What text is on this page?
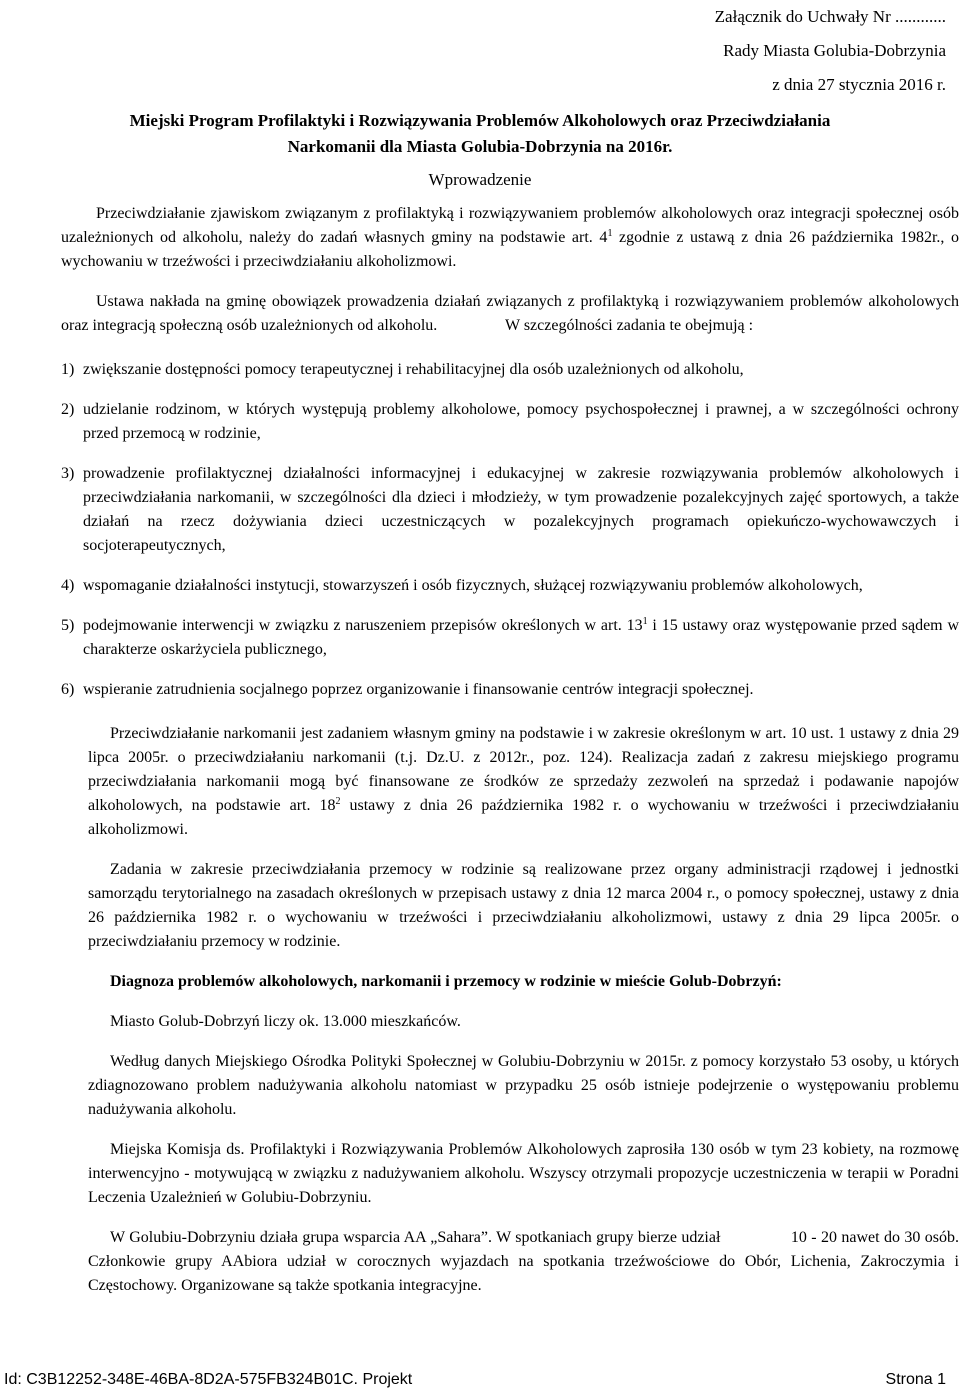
Załącznik do Uchwały Nr ............
Rady Miasta Golubia-Dobrzynia
z dnia 27 stycznia 2016 r.
Miejski Program Profilaktyki i Rozwiązywania Problemów Alkoholowych oraz Przeciwdziałania
Narkomanii dla Miasta Golubia-Dobrzynia na 2016r.
Wprowadzenie

Przeciwdziałanie zjawiskom związanym z profilaktyką i rozwiązywaniem problemów alkoholowych oraz integracji społecznej osób uzależnionych od alkoholu, należy do zadań własnych gminy na podstawie art. $4^1$ zgodnie z ustawą z dnia 26 października 1982r., o wychowaniu w trzeźwości i przeciwdziałaniu alkoholizmowi.

Ustawa nakłada na gminę obowiązek prowadzenia działań związanych z profilaktyką i rozwiązywaniem problemów alkoholowych oraz integracją społeczną osób uzależnionych od alkoholu.                 W szczególności zadania te obejmują :

1) zwiększanie dostępności pomocy terapeutycznej i rehabilitacyjnej dla osób uzależnionych od alkoholu,
2) udzielanie rodzinom, w których występują problemy alkoholowe, pomocy psychospołecznej i prawnej, a w szczególności ochrony przed przemocą w rodzinie,
3) prowadzenie profilaktycznej działalności informacyjnej i edukacyjnej w zakresie rozwiązywania problemów alkoholowych i przeciwdziałania narkomanii, w szczególności dla dzieci i młodzieży, w tym prowadzenie pozalekcyjnych zajęć sportowych, a także działań na rzecz dożywiania dzieci uczestniczących w pozalekcyjnych programach opiekuńczo-wychowawczych i socjoterapeutycznych,
4) wspomaganie działalności instytucji, stowarzyszeń i osób fizycznych, służącej rozwiązywaniu problemów alkoholowych,
5) podejmowanie interwencji w związku z naruszeniem przepisów określonych w art. $13^1$ i 15 ustawy oraz występowanie przed sądem w charakterze oskarżyciela publicznego,
6) wspieranie zatrudnienia socjalnego poprzez organizowanie i finansowanie centrów integracji społecznej.

Przeciwdziałanie narkomanii jest zadaniem własnym gminy na podstawie i w zakresie określonym w art. 10 ust. 1 ustawy z dnia 29 lipca 2005r. o przeciwdziałaniu narkomanii (t.j. Dz.U. z 2012r., poz. 124). Realizacja zadań z zakresu miejskiego programu przeciwdziałania narkomanii mogą być finansowane ze środków ze sprzedaży zezwoleń na sprzedaż i podawanie napojów alkoholowych, na podstawie art. $18^2$ ustawy z dnia 26 października 1982 r. o wychowaniu w trzeźwości i przeciwdziałaniu alkoholizmowi.

Zadania w zakresie przeciwdziałania przemocy w rodzinie są realizowane przez organy administracji rządowej i jednostki samorządu terytorialnego na zasadach określonych w przepisach ustawy z dnia 12 marca 2004 r., o pomocy społecznej, ustawy z dnia 26 października 1982 r. o wychowaniu w trzeźwości i przeciwdziałaniu alkoholizmowi, ustawy z dnia 29 lipca 2005r. o przeciwdziałaniu przemocy w rodzinie.

Diagnoza problemów alkoholowych, narkomanii i przemocy w rodzinie w mieście Golub-Dobrzyń:

Miasto Golub-Dobrzyń liczy ok. 13.000 mieszkańców.

Według danych Miejskiego Ośrodka Polityki Społecznej w Golubiu-Dobrzyniu w 2015r. z pomocy korzystało 53 osoby, u których zdiagnozowano problem nadużywania alkoholu natomiast w przypadku 25 osób istnieje podejrzenie o występowaniu problemu nadużywania alkoholu.

Miejska Komisja ds. Profilaktyki i Rozwiązywania Problemów Alkoholowych zaprosiła 130 osób w tym 23 kobiety, na rozmowę interwencyjno - motywującą w związku z nadużywaniem alkoholu. Wszyscy otrzymali propozycje uczestniczenia w terapii w Poradni Leczenia Uzależnień w Golubiu-Dobrzyniu.

W Golubiu-Dobrzyniu działa grupa wsparcia AA „Sahara”. W spotkaniach grupy bierze udział                10 - 20 nawet do 30 osób. Członkowie grupy AAbiora udział w corocznych wyjazdach na spotkania trzeźwościowe do Obór, Lichenia, Zakroczymia i Częstochowy. Organizowane są także spotkania integracyjne.

Id: C3B12252-348E-46BA-8D2A-575FB324B01C. Projekt	Strona 1
